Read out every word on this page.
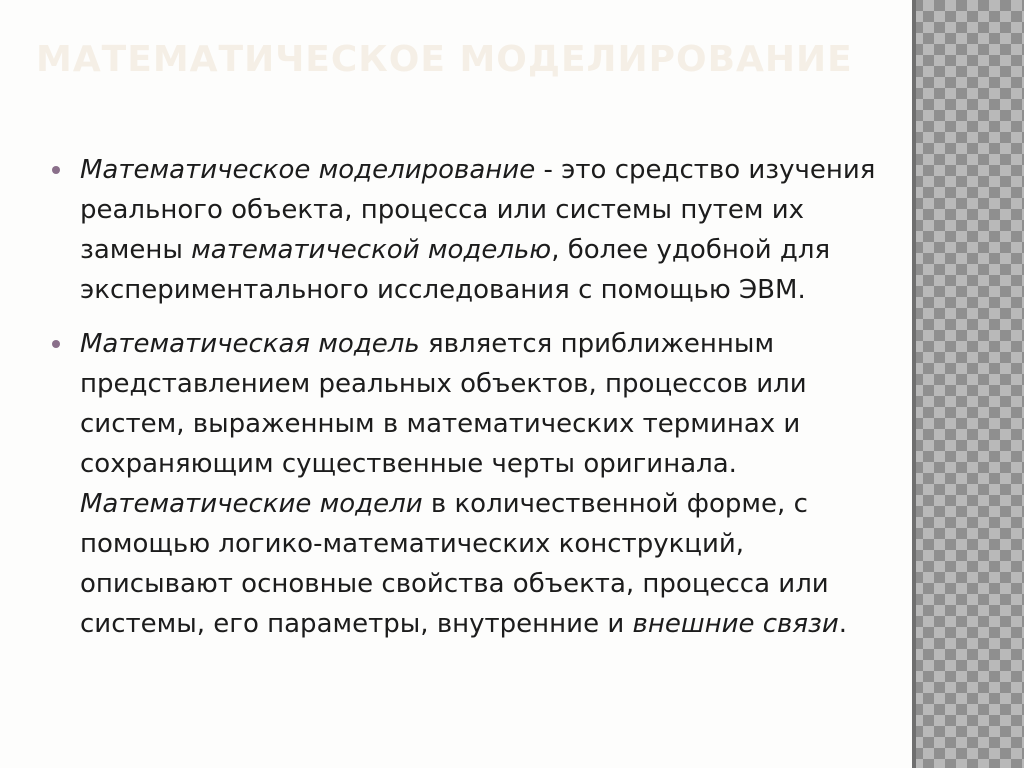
МАТЕМАТИЧЕСКОЕ МОДЕЛИРОВАНИЕ
Математическое моделирование - это средство изучения реального объекта, процесса или системы путем их замены математической моделью, более удобной для экспериментального исследования с помощью ЭВМ.
Математическая модель является приближенным представлением реальных объектов, процессов или систем, выраженным в математических терминах и сохраняющим существенные черты оригинала. Математические модели в количественной форме, с помощью логико-математических конструкций, описывают основные свойства объекта, процесса или системы, его параметры, внутренние и внешние связи.
